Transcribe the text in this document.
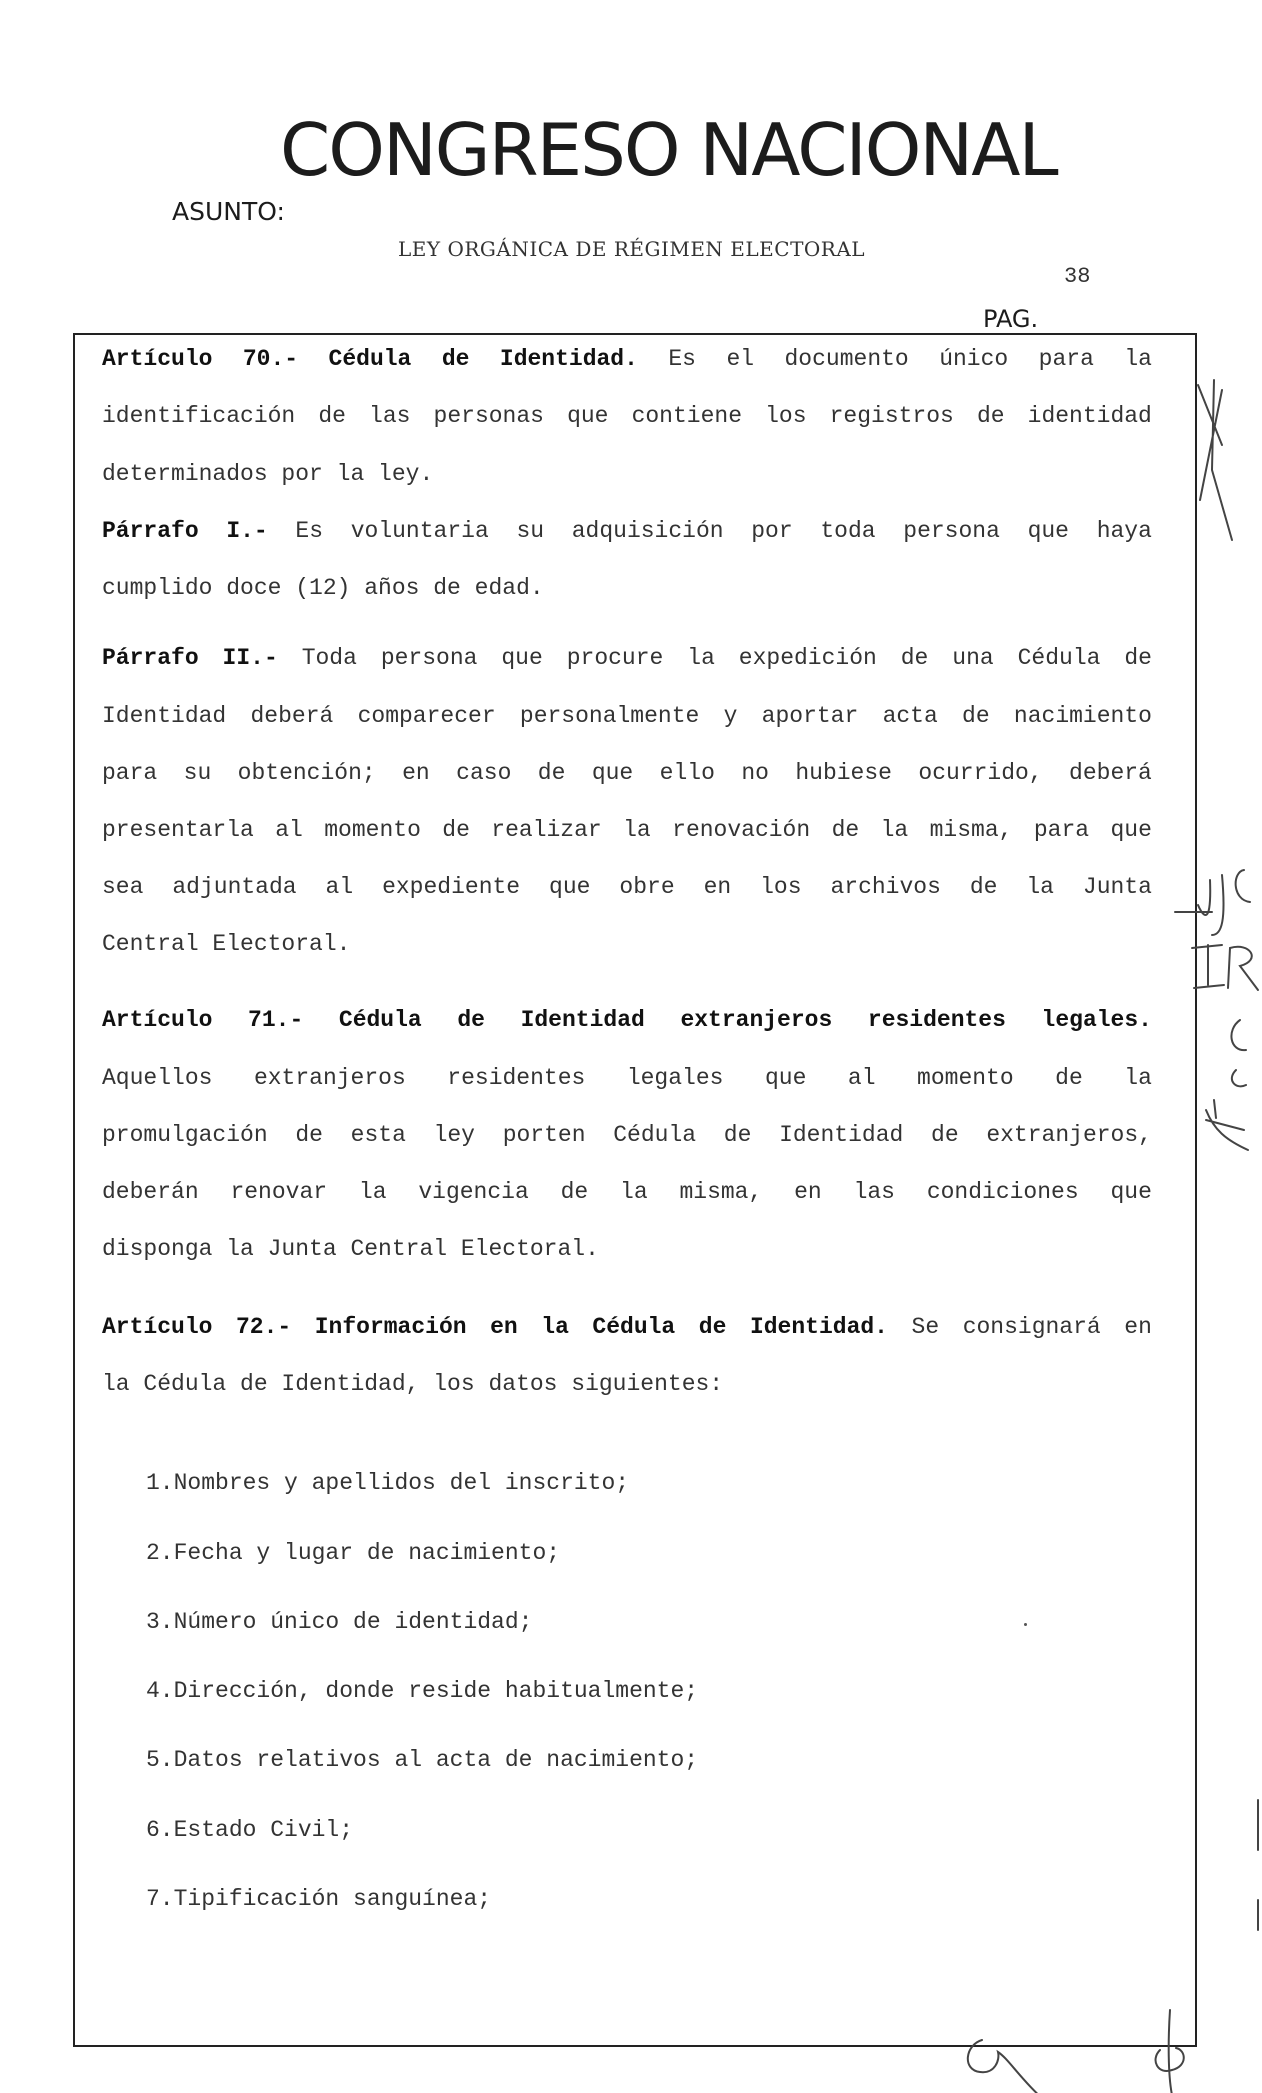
CONGRESO NACIONAL
ASUNTO:
LEY ORGÁNICA DE RÉGIMEN ELECTORAL
38
PAG.
Artículo 70.- Cédula de Identidad. Es el documento único para la
identificación de las personas que contiene los registros de identidad
determinados por la ley.
Párrafo I.- Es voluntaria su adquisición por toda persona que haya
cumplido doce (12) años de edad.
Párrafo II.- Toda persona que procure la expedición de una Cédula de
Identidad deberá comparecer personalmente y aportar acta de nacimiento
para su obtención; en caso de que ello no hubiese ocurrido, deberá
presentarla al momento de realizar la renovación de la misma, para que
sea adjuntada al expediente que obre en los archivos de la Junta
Central Electoral.
Artículo 71.- Cédula de Identidad extranjeros residentes legales.
Aquellos extranjeros residentes legales que al momento de la
promulgación de esta ley porten Cédula de Identidad de extranjeros,
deberán renovar la vigencia de la misma, en las condiciones que
disponga la Junta Central Electoral.
Artículo 72.- Información en la Cédula de Identidad. Se consignará en
la Cédula de Identidad, los datos siguientes:
1.Nombres y apellidos del inscrito;
2.Fecha y lugar de nacimiento;
3.Número único de identidad;
4.Dirección, donde reside habitualmente;
5.Datos relativos al acta de nacimiento;
6.Estado Civil;
7.Tipificación sanguínea;
